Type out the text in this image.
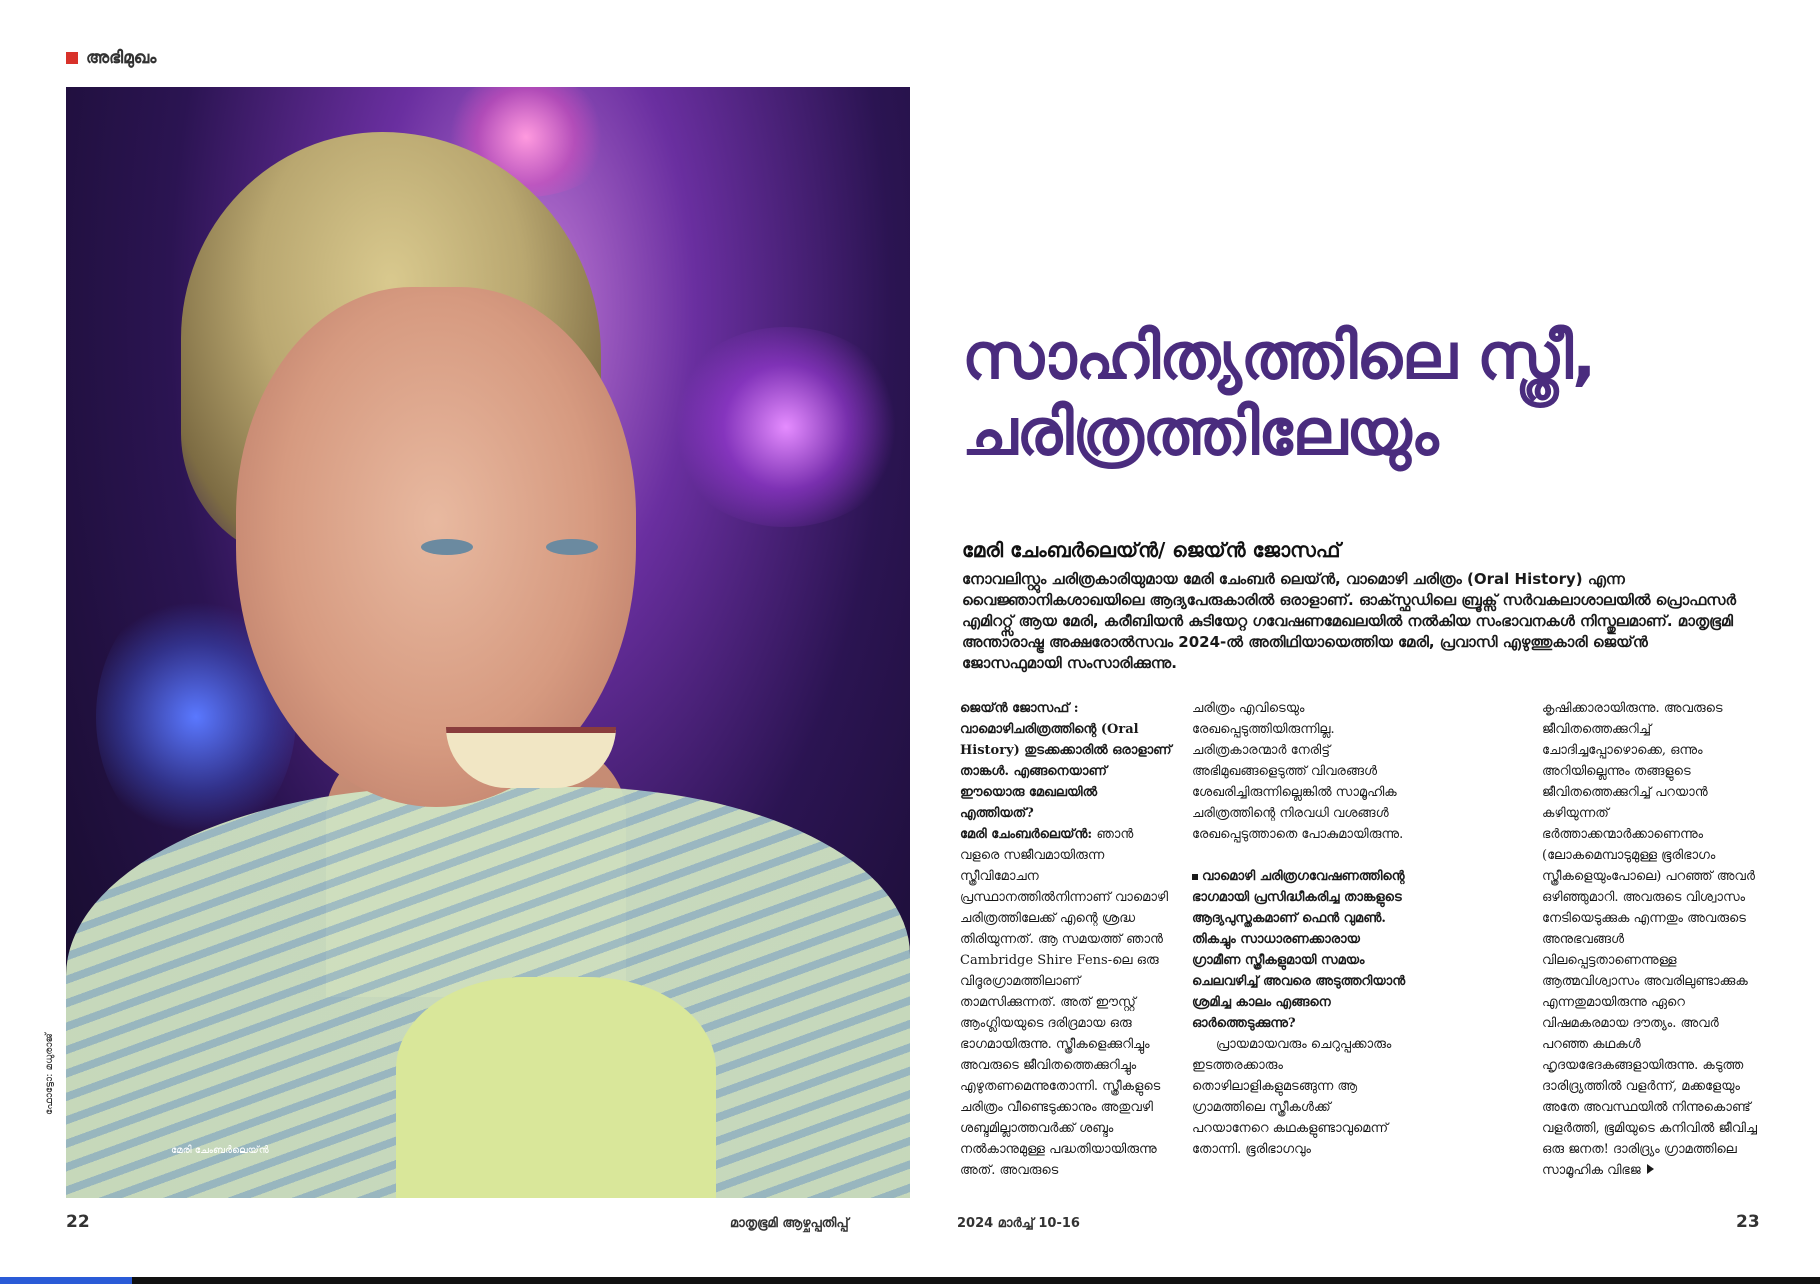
അഭിമുഖം
മേരി ചേംബർലെയ്ൻ
ഫോട്ടോ: മധുരാജ്
സാഹിത്യത്തിലെ സ്ത്രീ,
ചരിത്രത്തിലേയും
മേരി ചേംബർലെയ്ൻ/ ജെയ്ൻ ജോസഫ്
നോവലിസ്റ്റും ചരിത്രകാരിയുമായ മേരി ചേംബർ ലെയ്ൻ, വാമൊഴി ചരിത്രം (Oral History) എന്ന വൈജ്ഞാനികശാഖയിലെ ആദ്യപേരുകാരിൽ ഒരാളാണ്. ഓക്സ്ഫഡിലെ ബ്രൂക്സ് സർവകലാശാലയിൽ പ്രൊഫസർ എമിററ്റ്സ് ആയ മേരി, കരീബിയൻ കുടിയേറ്റ ഗവേഷണമേഖലയിൽ നൽകിയ സംഭാവനകൾ നിസ്തുലമാണ്. മാതൃഭൂമി അന്താരാഷ്ട്ര അക്ഷരോൽസവം 2024-ൽ അതിഥിയായെത്തിയ മേരി, പ്രവാസി എഴുത്തുകാരി ജെയ്ൻ ജോസഫുമായി സംസാരിക്കുന്നു.

ജെയ്ൻ ജോസഫ് : വാമൊഴിചരിത്രത്തിന്റെ (Oral History) തുടക്കക്കാരിൽ ഒരാളാണ് താങ്കൾ. എങ്ങനെയാണ് ഈയൊരു മേഖലയിൽ എത്തിയത്?

മേരി ചേംബർലെയ്ൻ: ഞാൻ വളരെ സജീവമായിരുന്ന സ്ത്രീവിമോചന പ്രസ്ഥാനത്തിൽനിന്നാണ് വാമൊഴി ചരിത്രത്തിലേക്ക് എന്റെ ശ്രദ്ധ തിരിയുന്നത്. ആ സമയത്ത് ഞാൻ Cambridge Shire Fens-ലെ ഒരു വിദൂരഗ്രാമത്തിലാണ് താമസിക്കുന്നത്. അത് ഈസ്റ്റ് ആംഗ്ലിയയുടെ ദരിദ്രമായ ഒരു ഭാഗമായിരുന്നു. സ്ത്രീകളെക്കുറിച്ചും അവരുടെ ജീവിതത്തെക്കുറിച്ചും എഴുതണമെന്നുതോന്നി. സ്ത്രീകളുടെ ചരിത്രം വീണ്ടെടുക്കാനും അതുവഴി ശബ്ദമില്ലാത്തവർക്ക് ശബ്ദം നൽകാനുമുള്ള പദ്ധതിയായിരുന്നു അത്. അവരുടെ

ചരിത്രം എവിടെയും രേഖപ്പെടുത്തിയിരുന്നില്ല. ചരിത്രകാരന്മാർ നേരിട്ട് അഭിമുഖങ്ങളെടുത്ത് വിവരങ്ങൾ ശേഖരിച്ചിരുന്നില്ലെങ്കിൽ സാമൂഹിക ചരിത്രത്തിന്റെ നിരവധി വശങ്ങൾ രേഖപ്പെടുത്താതെ പോകുമായിരുന്നു.

വാമൊഴി ചരിത്രഗവേഷണത്തിന്റെ ഭാഗമായി പ്രസിദ്ധീകരിച്ച താങ്കളുടെ ആദ്യപുസ്തകമാണ് ഫെൻ വുമൺ. തികച്ചും സാധാരണക്കാരായ ഗ്രാമീണ സ്ത്രീകളുമായി സമയം ചെലവഴിച്ച് അവരെ അടുത്തറിയാൻ ശ്രമിച്ച കാലം എങ്ങനെ ഓർത്തെടുക്കുന്നു?

പ്രായമായവരും ചെറുപ്പക്കാരും ഇടത്തരക്കാരും തൊഴിലാളികളുമടങ്ങുന്ന ആ ഗ്രാമത്തിലെ സ്ത്രീകൾക്ക് പറയാനേറെ കഥകളുണ്ടാവുമെന്ന് തോന്നി. ഭൂരിഭാഗവും

കൃഷിക്കാരായിരുന്നു. അവരുടെ ജീവിതത്തെക്കുറിച്ച് ചോദിച്ചപ്പോഴൊക്കെ, ഒന്നും അറിയില്ലെന്നും തങ്ങളുടെ ജീവിതത്തെക്കുറിച്ച് പറയാൻ കഴിയുന്നത് ഭർത്താക്കന്മാർക്കാണെന്നും (ലോകമെമ്പാടുമുള്ള ഭൂരിഭാഗം സ്ത്രീകളെയുംപോലെ) പറഞ്ഞ് അവർ ഒഴിഞ്ഞുമാറി. അവരുടെ വിശ്വാസം നേടിയെടുക്കുക എന്നതും അവരുടെ അനുഭവങ്ങൾ വിലപ്പെട്ടതാണെന്നുള്ള ആത്മവിശ്വാസം അവരിലുണ്ടാക്കുക എന്നതുമായിരുന്നു ഏറെ വിഷമകരമായ ദൗത്യം. അവർ പറഞ്ഞ കഥകൾ ഹൃദയഭേദകങ്ങളായിരുന്നു. കടുത്ത ദാരിദ്ര്യത്തിൽ വളർന്ന്, മക്കളേയും അതേ അവസ്ഥയിൽ നിന്നുകൊണ്ട് വളർത്തി, ഭൂമിയുടെ കനിവിൽ ജീവിച്ച ഒരു ജനത! ദാരിദ്ര്യം ഗ്രാമത്തിലെ സാമൂഹിക വിഭജ

22	മാതൃഭൂമി ആഴ്ചപ്പതിപ്പ്	2024 മാർച്ച് 10-16	23
